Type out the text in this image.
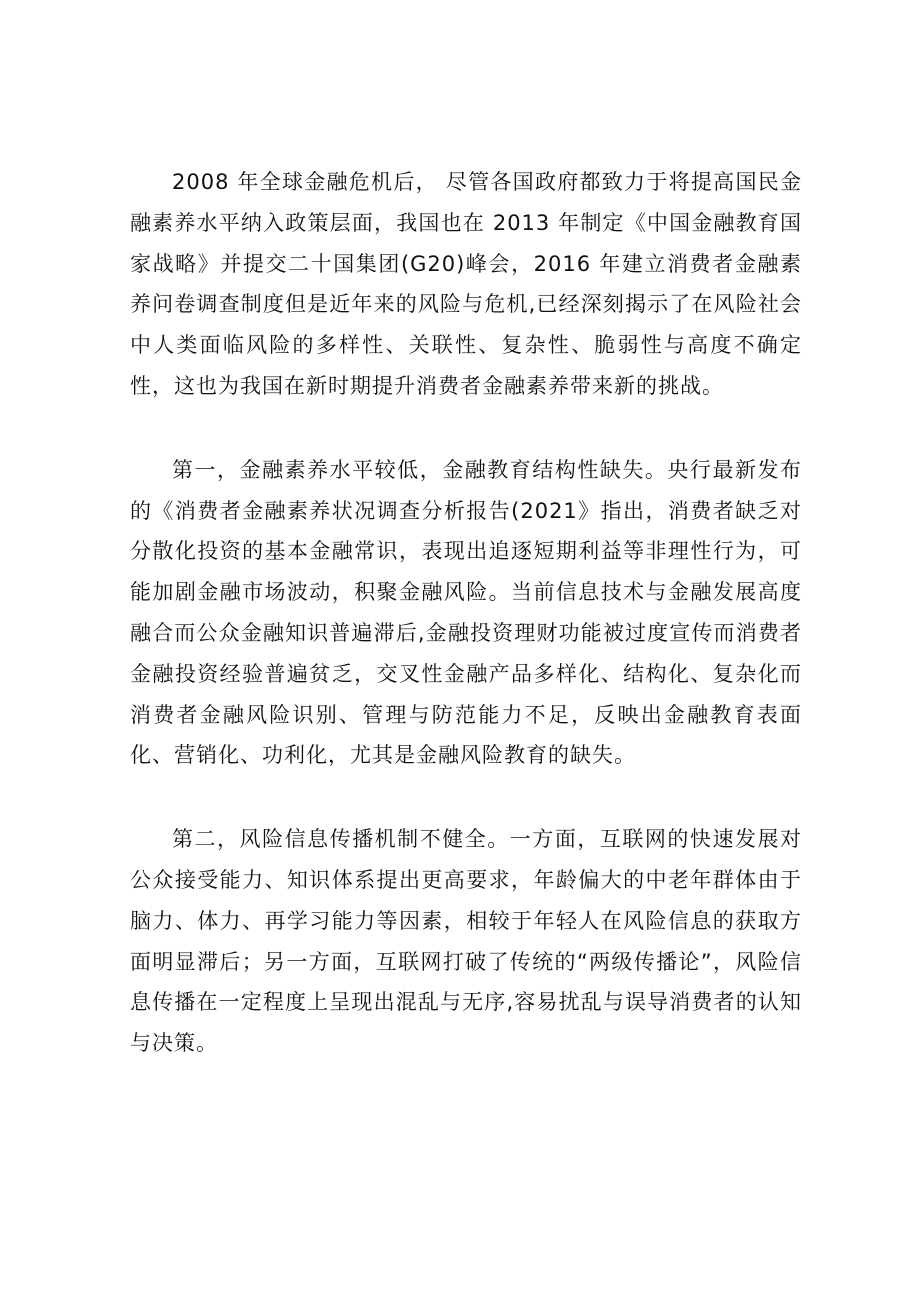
2008 年全球金融危机后， 尽管各国政府都致力于将提高国民金融素养水平纳入政策层面，我国也在 2013 年制定《中国金融教育国家战略》并提交二十国集团(G20)峰会，2016 年建立消费者金融素养问卷调查制度但是近年来的风险与危机,已经深刻揭示了在风险社会中人类面临风险的多样性、关联性、复杂性、脆弱性与高度不确定性，这也为我国在新时期提升消费者金融素养带来新的挑战。

第一，金融素养水平较低，金融教育结构性缺失。央行最新发布的《消费者金融素养状况调查分析报告(2021》指出，消费者缺乏对分散化投资的基本金融常识，表现出追逐短期利益等非理性行为，可能加剧金融市场波动，积聚金融风险。当前信息技术与金融发展高度融合而公众金融知识普遍滞后,金融投资理财功能被过度宣传而消费者金融投资经验普遍贫乏，交叉性金融产品多样化、结构化、复杂化而消费者金融风险识别、管理与防范能力不足，反映出金融教育表面化、营销化、功利化，尤其是金融风险教育的缺失。

第二，风险信息传播机制不健全。一方面，互联网的快速发展对公众接受能力、知识体系提出更高要求，年龄偏大的中老年群体由于脑力、体力、再学习能力等因素，相较于年轻人在风险信息的获取方面明显滞后；另一方面，互联网打破了传统的“两级传播论”，风险信息传播在一定程度上呈现出混乱与无序,容易扰乱与误导消费者的认知与决策。
